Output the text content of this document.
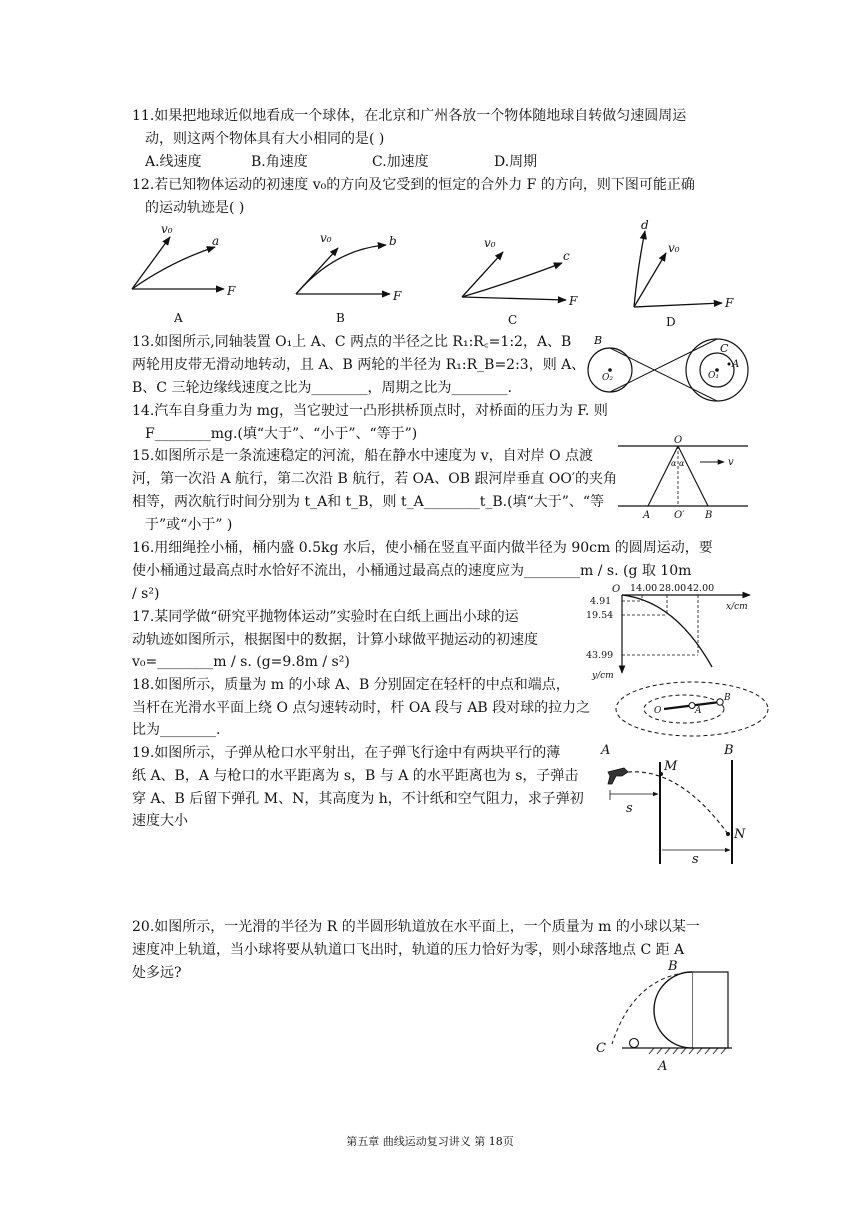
11.如果把地球近似地看成一个球体，在北京和广州各放一个物体随地球自转做匀速圆周运
动，则这两个物体具有大小相同的是( )
A.线速度	B.角速度	C.加速度	D.周期
12.若已知物体运动的初速度 v₀的方向及它受到的恒定的合外力 F 的方向，则下图可能正确
的运动轨迹是( )
v₀
a
F
A
v₀	b
F
B
v₀
c
F
C
v₀
d
F
D
13.如图所示,同轴装置 O₁上 A、C 两点的半径之比 R₁:R꜀=1:2，A、B
两轮用皮带无滑动地转动，且 A、B 两轮的半径为 R₁:R_B=2:3，则 A、
B、C 三轮边缘线速度之比为________，周期之比为________.
B
O₂
C
O₁
A
14.汽车自身重力为 mg，当它驶过一凸形拱桥顶点时，对桥面的压力为 F. 则
F________mg.(填“大于”、“小于”、“等于”)
15.如图所示是一条流速稳定的河流，船在静水中速度为 v，自对岸 O 点渡
河，第一次沿 A 航行，第二次沿 B 航行，若 OA、OB 跟河岸垂直 OO′的夹角
相等，两次航行时间分别为 t_A和 t_B，则 t_A________t_B.(填“大于”、“等
于”或“小于” )
O
α α	v
A O′ B
16.用细绳拴小桶，桶内盛 0.5kg 水后，使小桶在竖直平面内做半径为 90cm 的圆周运动，要
使小桶通过最高点时水恰好不流出，小桶通过最高点的速度应为________m / s. (g 取 10m
/ s²)
17.某同学做“研究平抛物体运动”实验时在白纸上画出小球的运
动轨迹如图所示，根据图中的数据，计算小球做平抛运动的初速度
v₀=________m / s. (g=9.8m / s²)
O 14.00 28.00 42.00
x/cm
4.91
19.54
43.99
y/cm
18.如图所示，质量为 m 的小球 A、B 分别固定在轻杆的中点和端点，
当杆在光滑水平面上绕 O 点匀速转动时，杆 OA 段与 AB 段对球的拉力之
比为________.
O	A
B
19.如图所示，子弹从枪口水平射出，在子弹飞行途中有两块平行的薄
纸 A、B，A 与枪口的水平距离为 s，B 与 A 的水平距离也为 s，子弹击
穿 A、B 后留下弹孔 M、N，其高度为 h，不计纸和空气阻力，求子弹初
速度大小
A	B
M
N
s
s
20.如图所示，一光滑的半径为 R 的半圆形轨道放在水平面上，一个质量为 m 的小球以某一
速度冲上轨道，当小球将要从轨道口飞出时，轨道的压力恰好为零，则小球落地点 C 距 A
处多远?	B
C
A
第五章 曲线运动复习讲义 第 18页
